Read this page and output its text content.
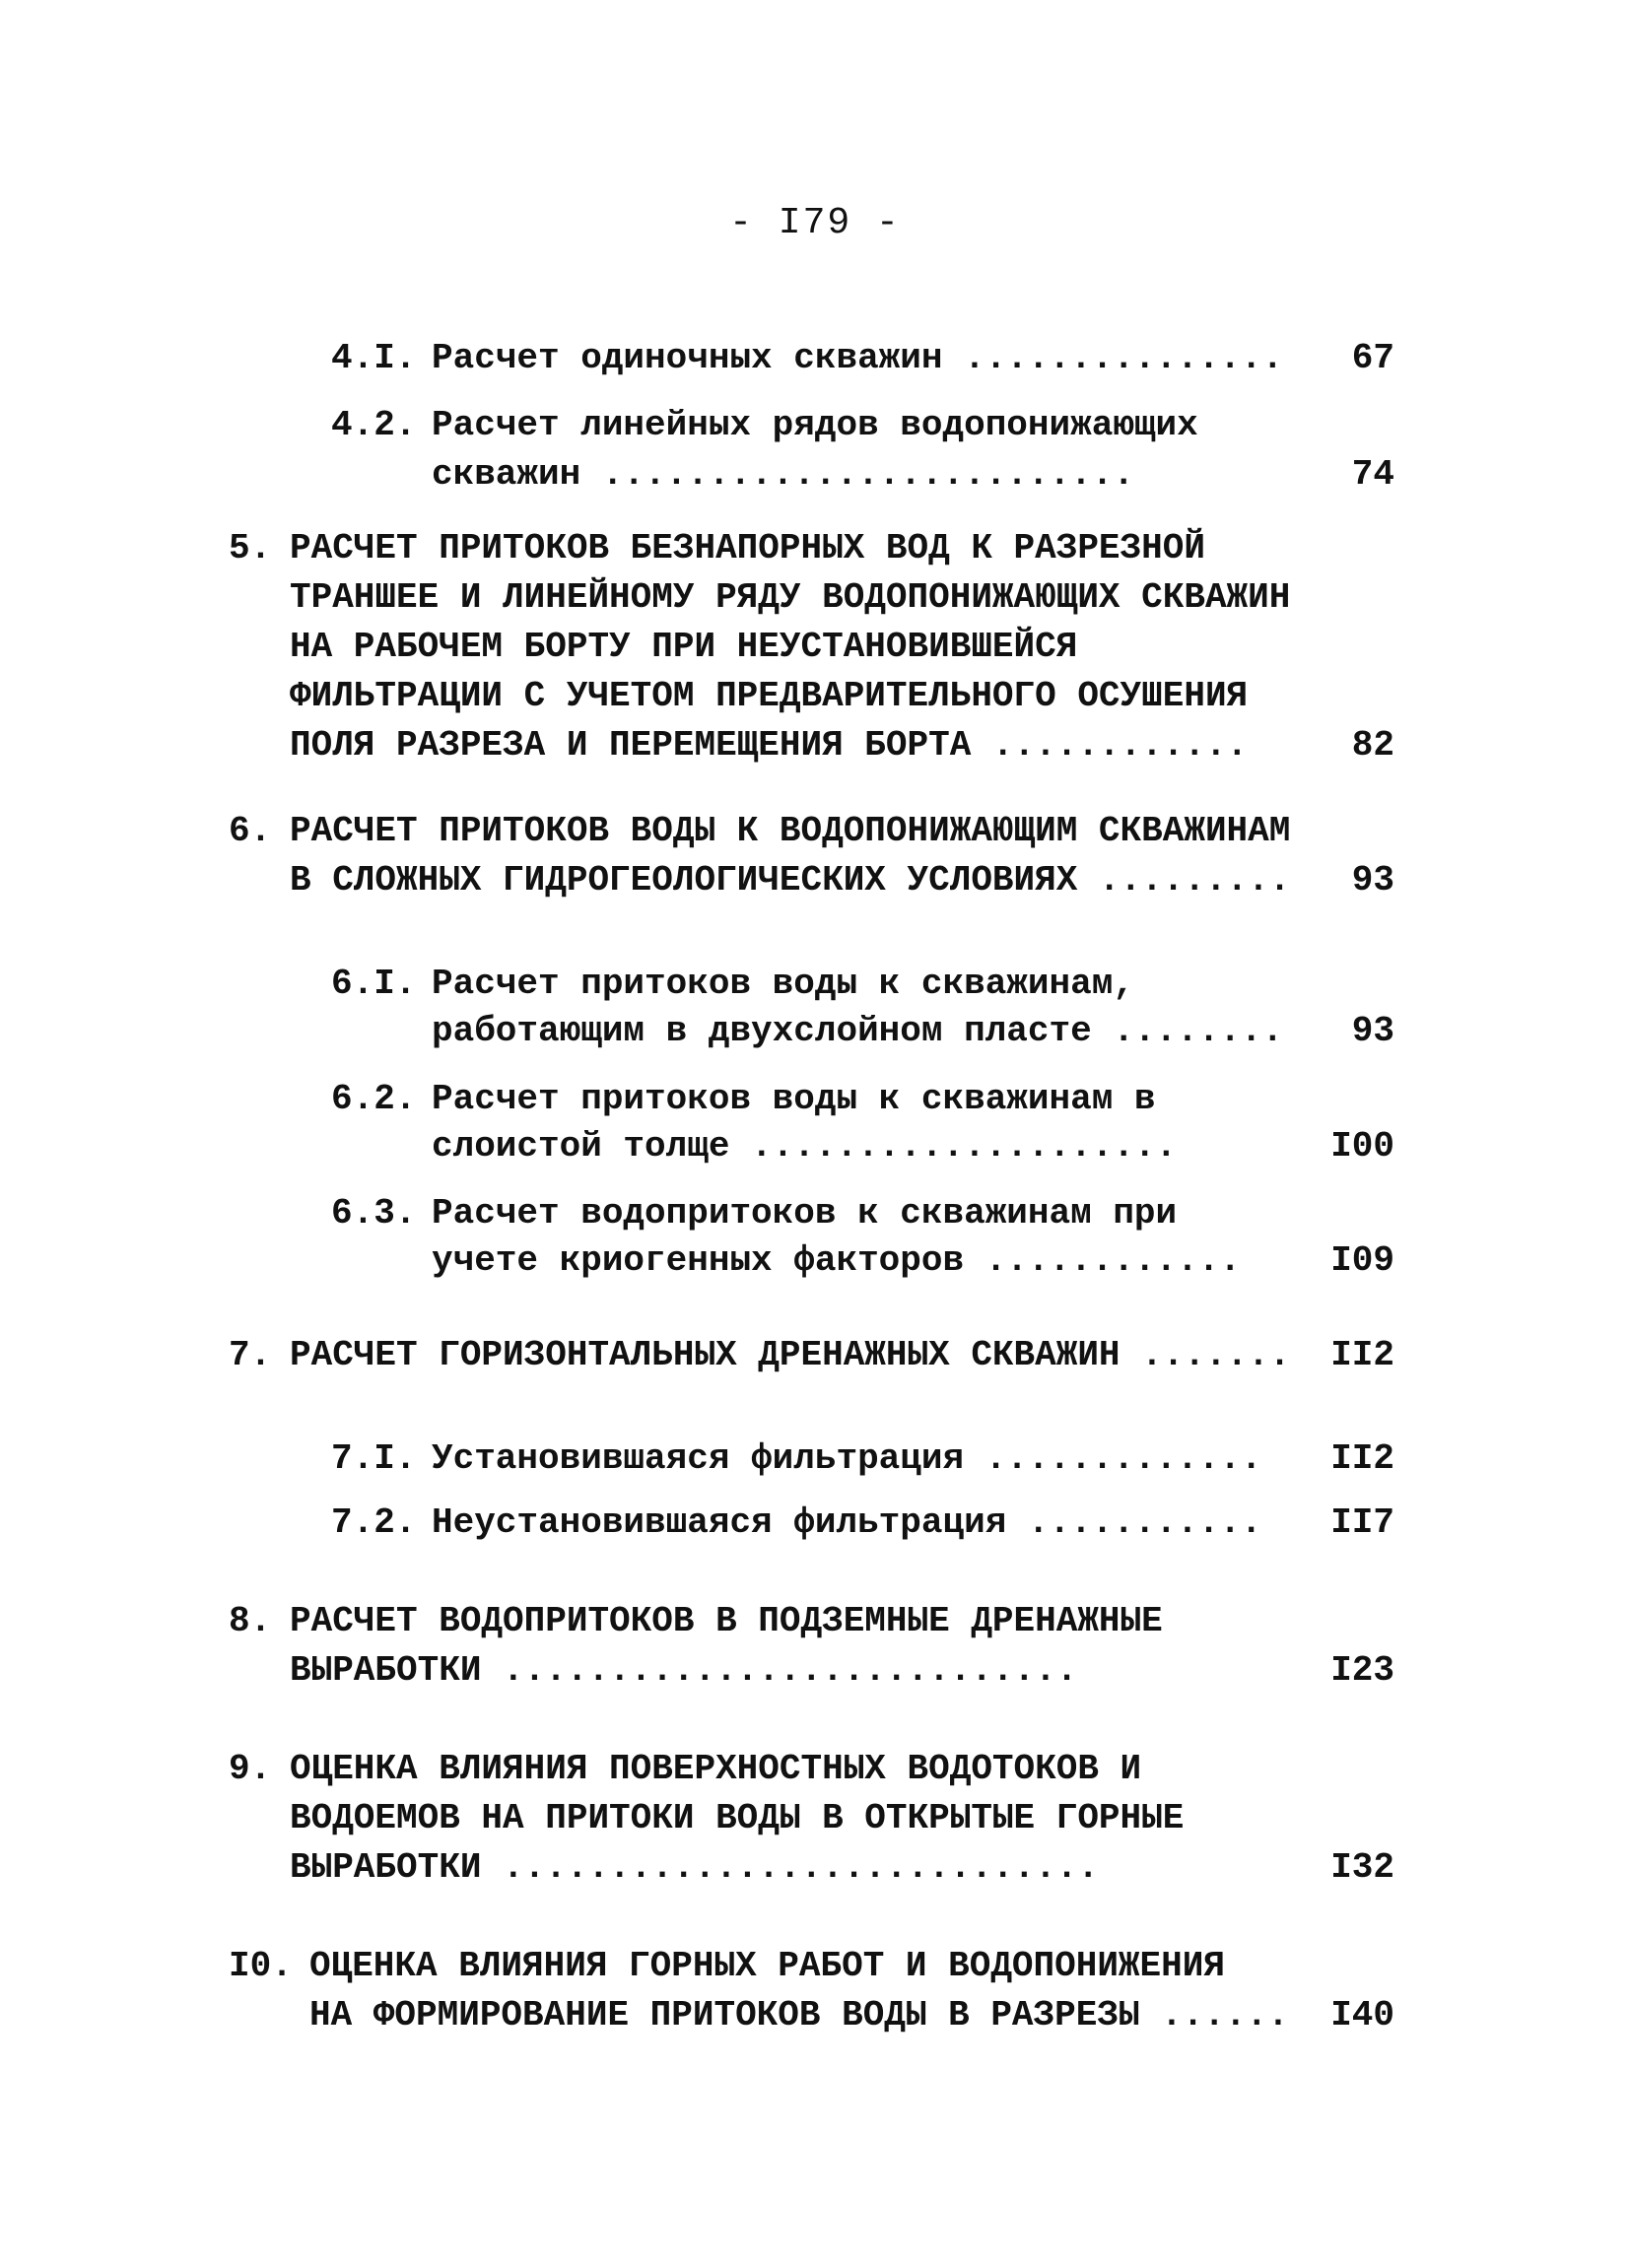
- I79 -
4.I. Расчет одиночных скважин ...............	67
4.2. Расчет линейных рядов водопонижающих
скважин .........................	74
5. РАСЧЕТ ПРИТОКОВ БЕЗНАПОРНЫХ ВОД К РАЗРЕЗНОЙ
ТРАНШЕЕ И ЛИНЕЙНОМУ РЯДУ ВОДОПОНИЖАЮЩИХ СКВАЖИН
НА РАБОЧЕМ БОРТУ ПРИ НЕУСТАНОВИВШЕЙСЯ
ФИЛЬТРАЦИИ С УЧЕТОМ ПРЕДВАРИТЕЛЬНОГО ОСУШЕНИЯ
ПОЛЯ РАЗРЕЗА И ПЕРЕМЕЩЕНИЯ БОРТА ............	82
6. РАСЧЕТ ПРИТОКОВ ВОДЫ К ВОДОПОНИЖАЮЩИМ СКВАЖИНАМ
В СЛОЖНЫХ ГИДРОГЕОЛОГИЧЕСКИХ УСЛОВИЯХ .........	93
6.I. Расчет притоков воды к скважинам,
работающим в двухслойном пласте ........	93
6.2. Расчет притоков воды к скважинам в
слоистой толще ....................	I00
6.3. Расчет водопритоков к скважинам при
учете криогенных факторов ............	I09
7. РАСЧЕТ ГОРИЗОНТАЛЬНЫХ ДРЕНАЖНЫХ СКВАЖИН ....... II2
7.I. Установившаяся фильтрация ............. II2
7.2. Неустановившаяся фильтрация ........... II7
8. РАСЧЕТ ВОДОПРИТОКОВ В ПОДЗЕМНЫЕ ДРЕНАЖНЫЕ
ВЫРАБОТКИ ...........................	I23
9. ОЦЕНКА ВЛИЯНИЯ ПОВЕРХНОСТНЫХ ВОДОТОКОВ И
ВОДОЕМОВ НА ПРИТОКИ ВОДЫ В ОТКРЫТЫЕ ГОРНЫЕ
ВЫРАБОТКИ ............................	I32
I0. ОЦЕНКА ВЛИЯНИЯ ГОРНЫХ РАБОТ И ВОДОПОНИЖЕНИЯ
НА ФОРМИРОВАНИЕ ПРИТОКОВ ВОДЫ В РАЗРЕЗЫ ...... I40
